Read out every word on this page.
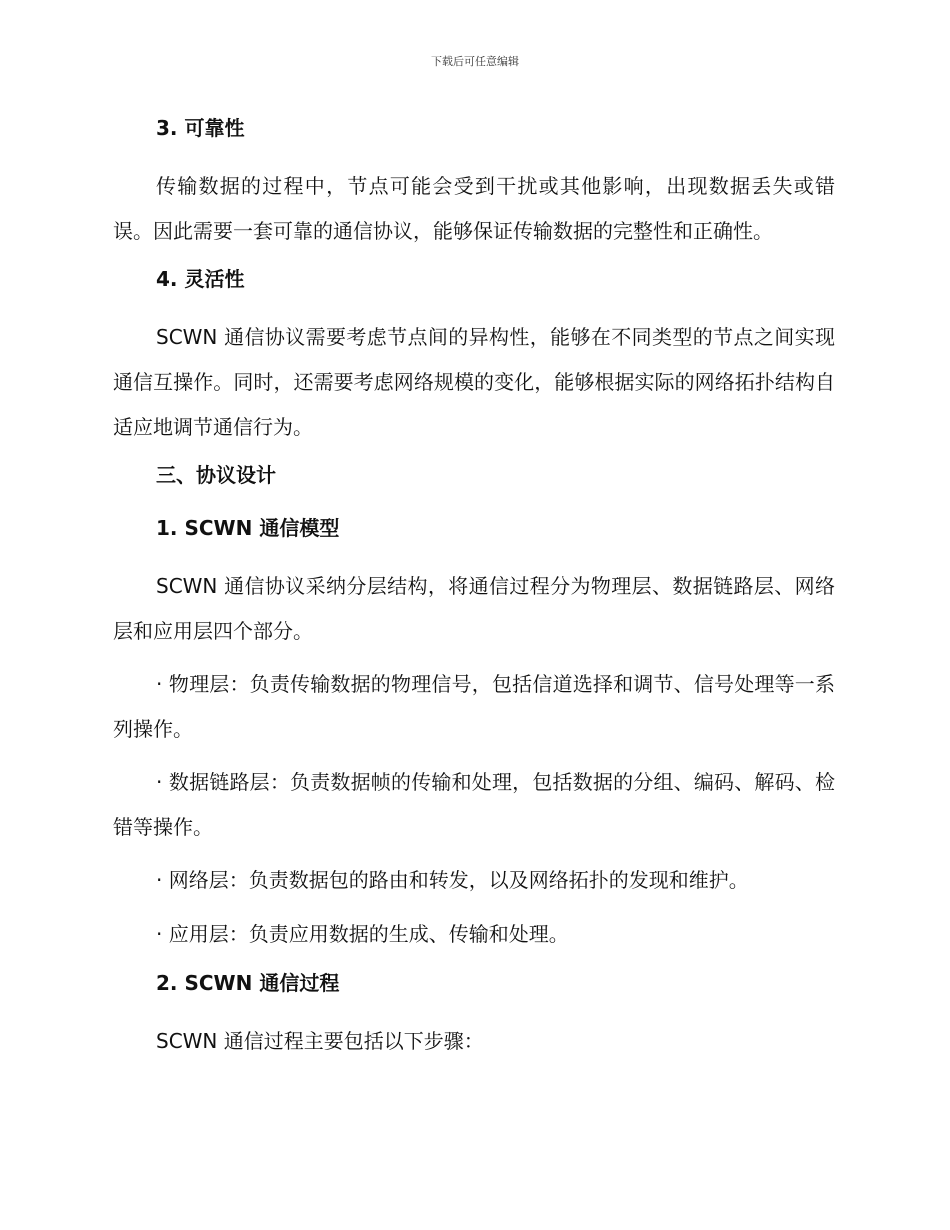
下载后可任意编辑
3. 可靠性
传输数据的过程中，节点可能会受到干扰或其他影响，出现数据丢失或错误。因此需要一套可靠的通信协议，能够保证传输数据的完整性和正确性。
4. 灵活性
SCWN 通信协议需要考虑节点间的异构性，能够在不同类型的节点之间实现通信互操作。同时，还需要考虑网络规模的变化，能够根据实际的网络拓扑结构自适应地调节通信行为。
三、协议设计
1. SCWN 通信模型
SCWN 通信协议采纳分层结构，将通信过程分为物理层、数据链路层、网络层和应用层四个部分。
· 物理层：负责传输数据的物理信号，包括信道选择和调节、信号处理等一系列操作。
· 数据链路层：负责数据帧的传输和处理，包括数据的分组、编码、解码、检错等操作。
· 网络层：负责数据包的路由和转发，以及网络拓扑的发现和维护。
· 应用层：负责应用数据的生成、传输和处理。
2. SCWN 通信过程
SCWN 通信过程主要包括以下步骤：
